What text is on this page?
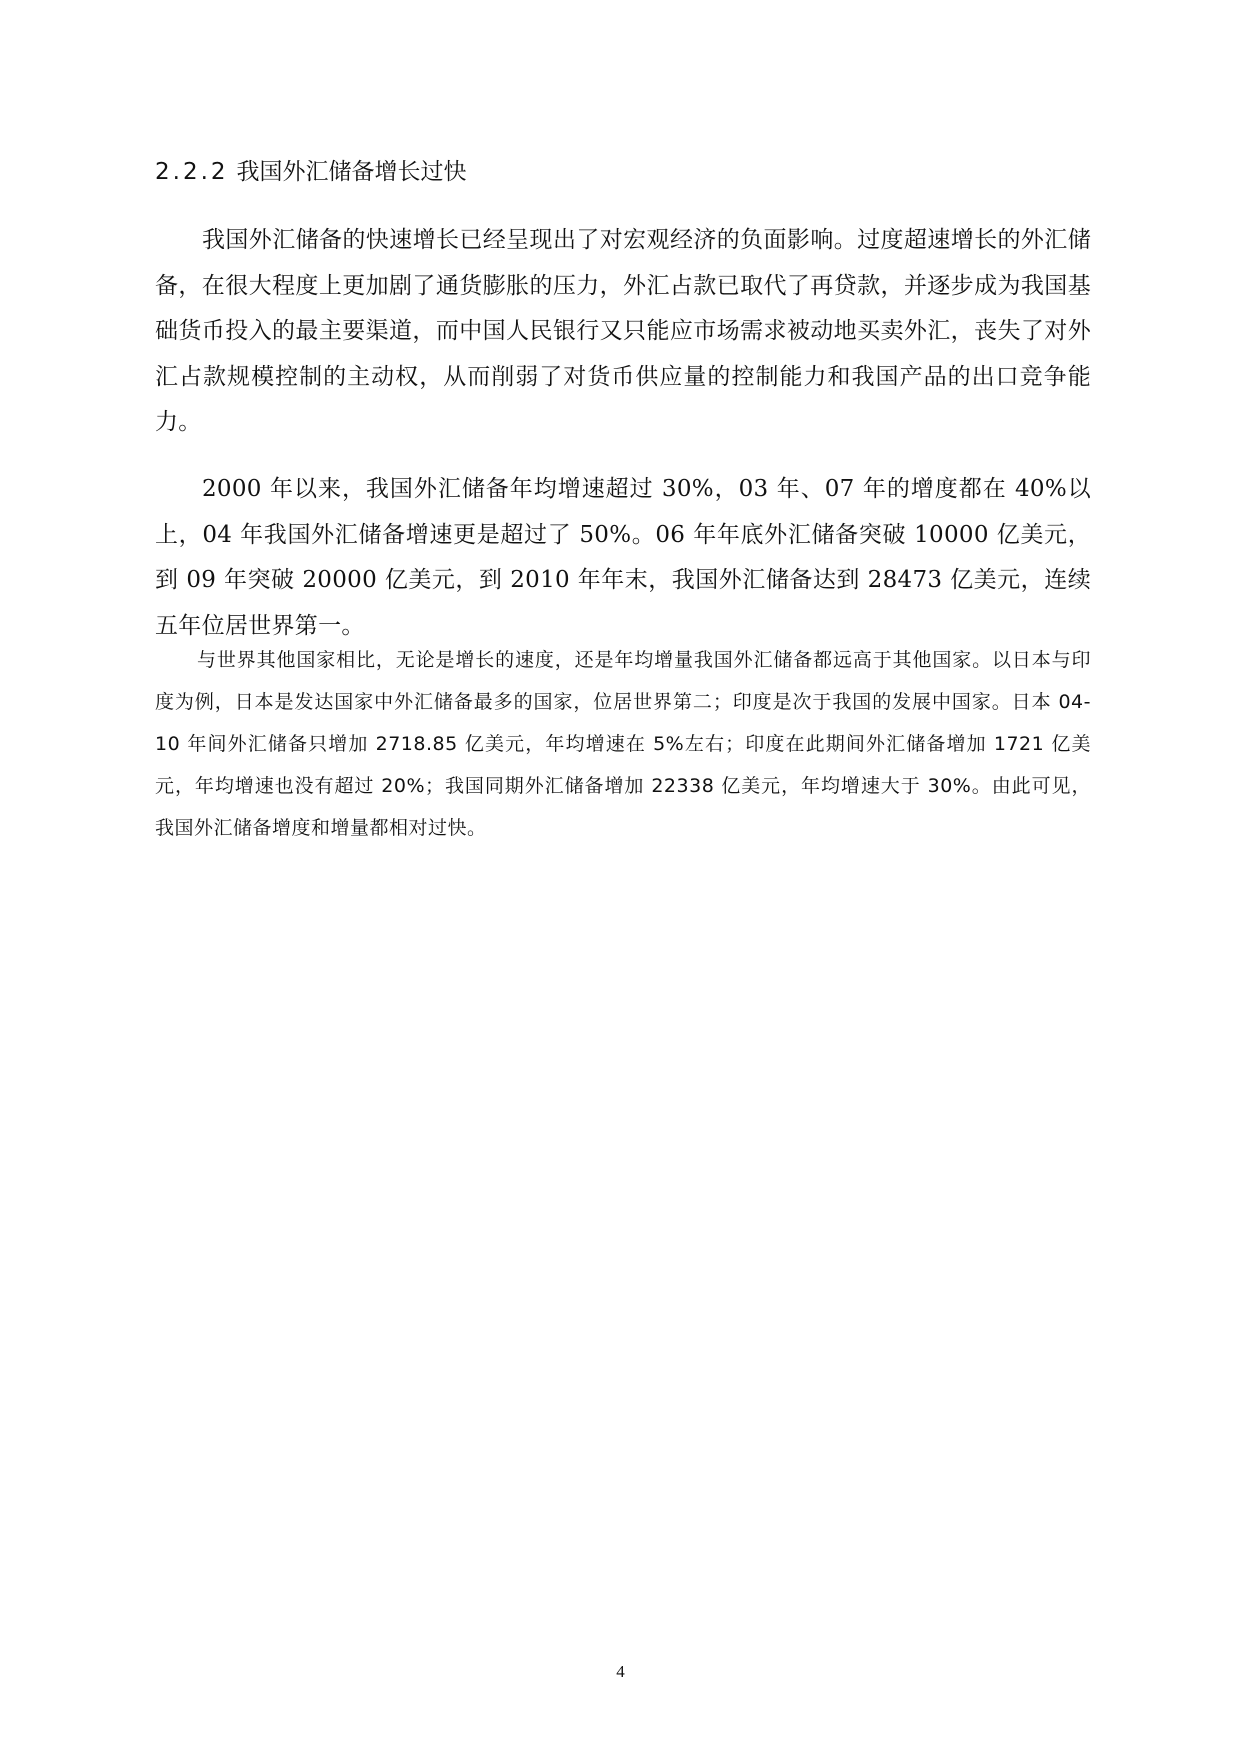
2.2.2 我国外汇储备增长过快

我国外汇储备的快速增长已经呈现出了对宏观经济的负面影响。过度超速增长的外汇储备，在很大程度上更加剧了通货膨胀的压力，外汇占款已取代了再贷款，并逐步成为我国基础货币投入的最主要渠道，而中国人民银行又只能应市场需求被动地买卖外汇，丧失了对外汇占款规模控制的主动权，从而削弱了对货币供应量的控制能力和我国产品的出口竞争能力。

2000 年以来，我国外汇储备年均增速超过 30%，03 年、07 年的增度都在 40%以上，04 年我国外汇储备增速更是超过了 50%。06 年年底外汇储备突破 10000 亿美元，到 09 年突破 20000 亿美元，到 2010 年年末，我国外汇储备达到 28473 亿美元，连续五年位居世界第一。

与世界其他国家相比，无论是增长的速度，还是年均增量我国外汇储备都远高于其他国家。以日本与印度为例，日本是发达国家中外汇储备最多的国家，位居世界第二；印度是次于我国的发展中国家。日本 04-10 年间外汇储备只增加 2718.85 亿美元，年均增速在 5%左右；印度在此期间外汇储备增加 1721 亿美元，年均增速也没有超过 20%；我国同期外汇储备增加 22338 亿美元，年均增速大于 30%。由此可见，我国外汇储备增度和增量都相对过快。

4
